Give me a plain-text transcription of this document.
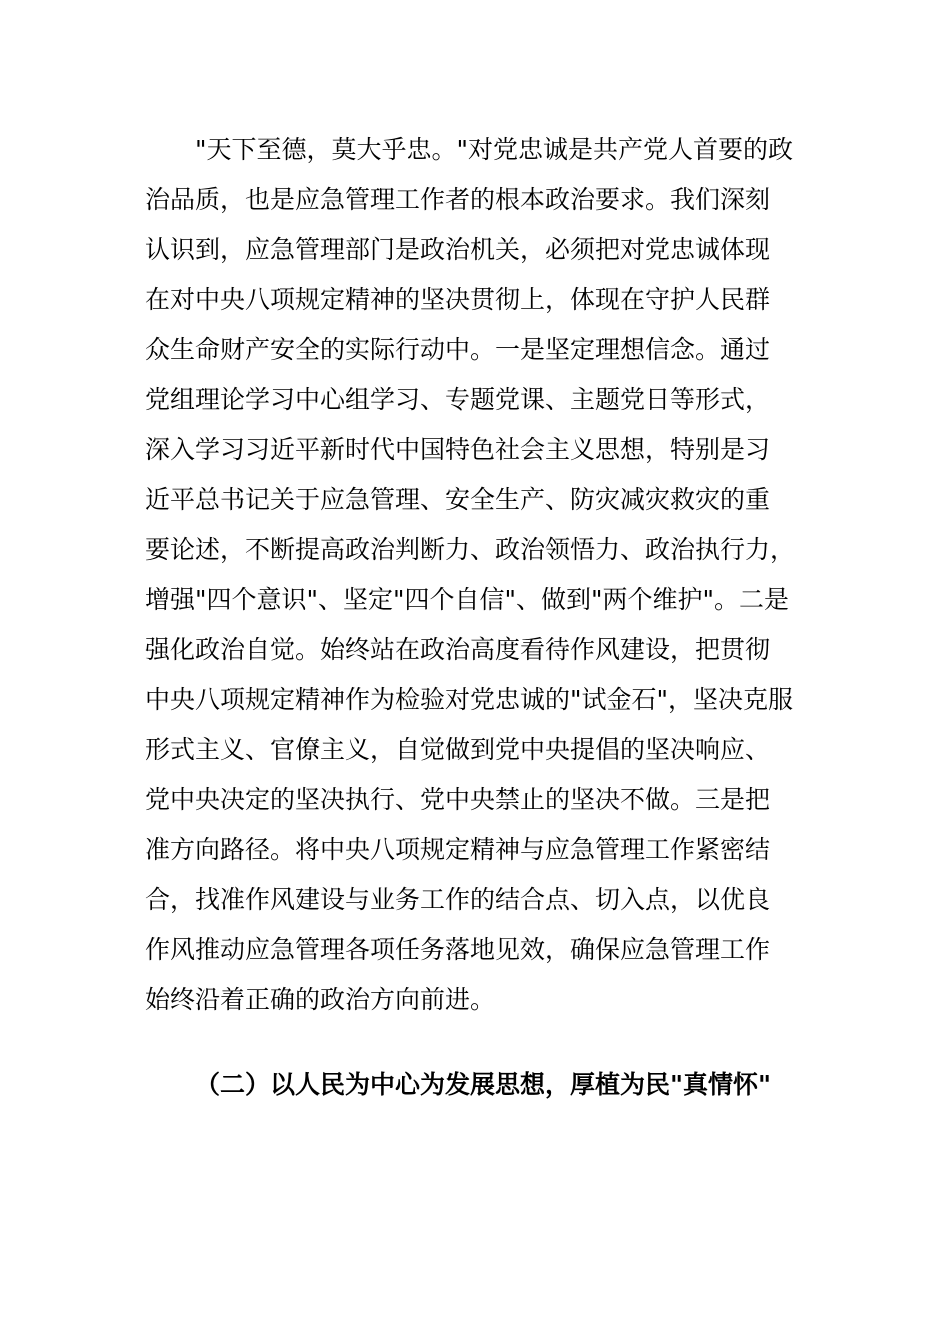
"天下至德，莫大乎忠。"对党忠诚是共产党人首要的政
治品质，也是应急管理工作者的根本政治要求。我们深刻
认识到，应急管理部门是政治机关，必须把对党忠诚体现
在对中央八项规定精神的坚决贯彻上，体现在守护人民群
众生命财产安全的实际行动中。一是坚定理想信念。通过
党组理论学习中心组学习、专题党课、主题党日等形式，
深入学习习近平新时代中国特色社会主义思想，特别是习
近平总书记关于应急管理、安全生产、防灾减灾救灾的重
要论述，不断提高政治判断力、政治领悟力、政治执行力，
增强"四个意识"、坚定"四个自信"、做到"两个维护"。二是
强化政治自觉。始终站在政治高度看待作风建设，把贯彻
中央八项规定精神作为检验对党忠诚的"试金石"，坚决克服
形式主义、官僚主义，自觉做到党中央提倡的坚决响应、
党中央决定的坚决执行、党中央禁止的坚决不做。三是把
准方向路径。将中央八项规定精神与应急管理工作紧密结
合，找准作风建设与业务工作的结合点、切入点，以优良
作风推动应急管理各项任务落地见效，确保应急管理工作
始终沿着正确的政治方向前进。
（二）以人民为中心为发展思想，厚植为民"真情怀"
